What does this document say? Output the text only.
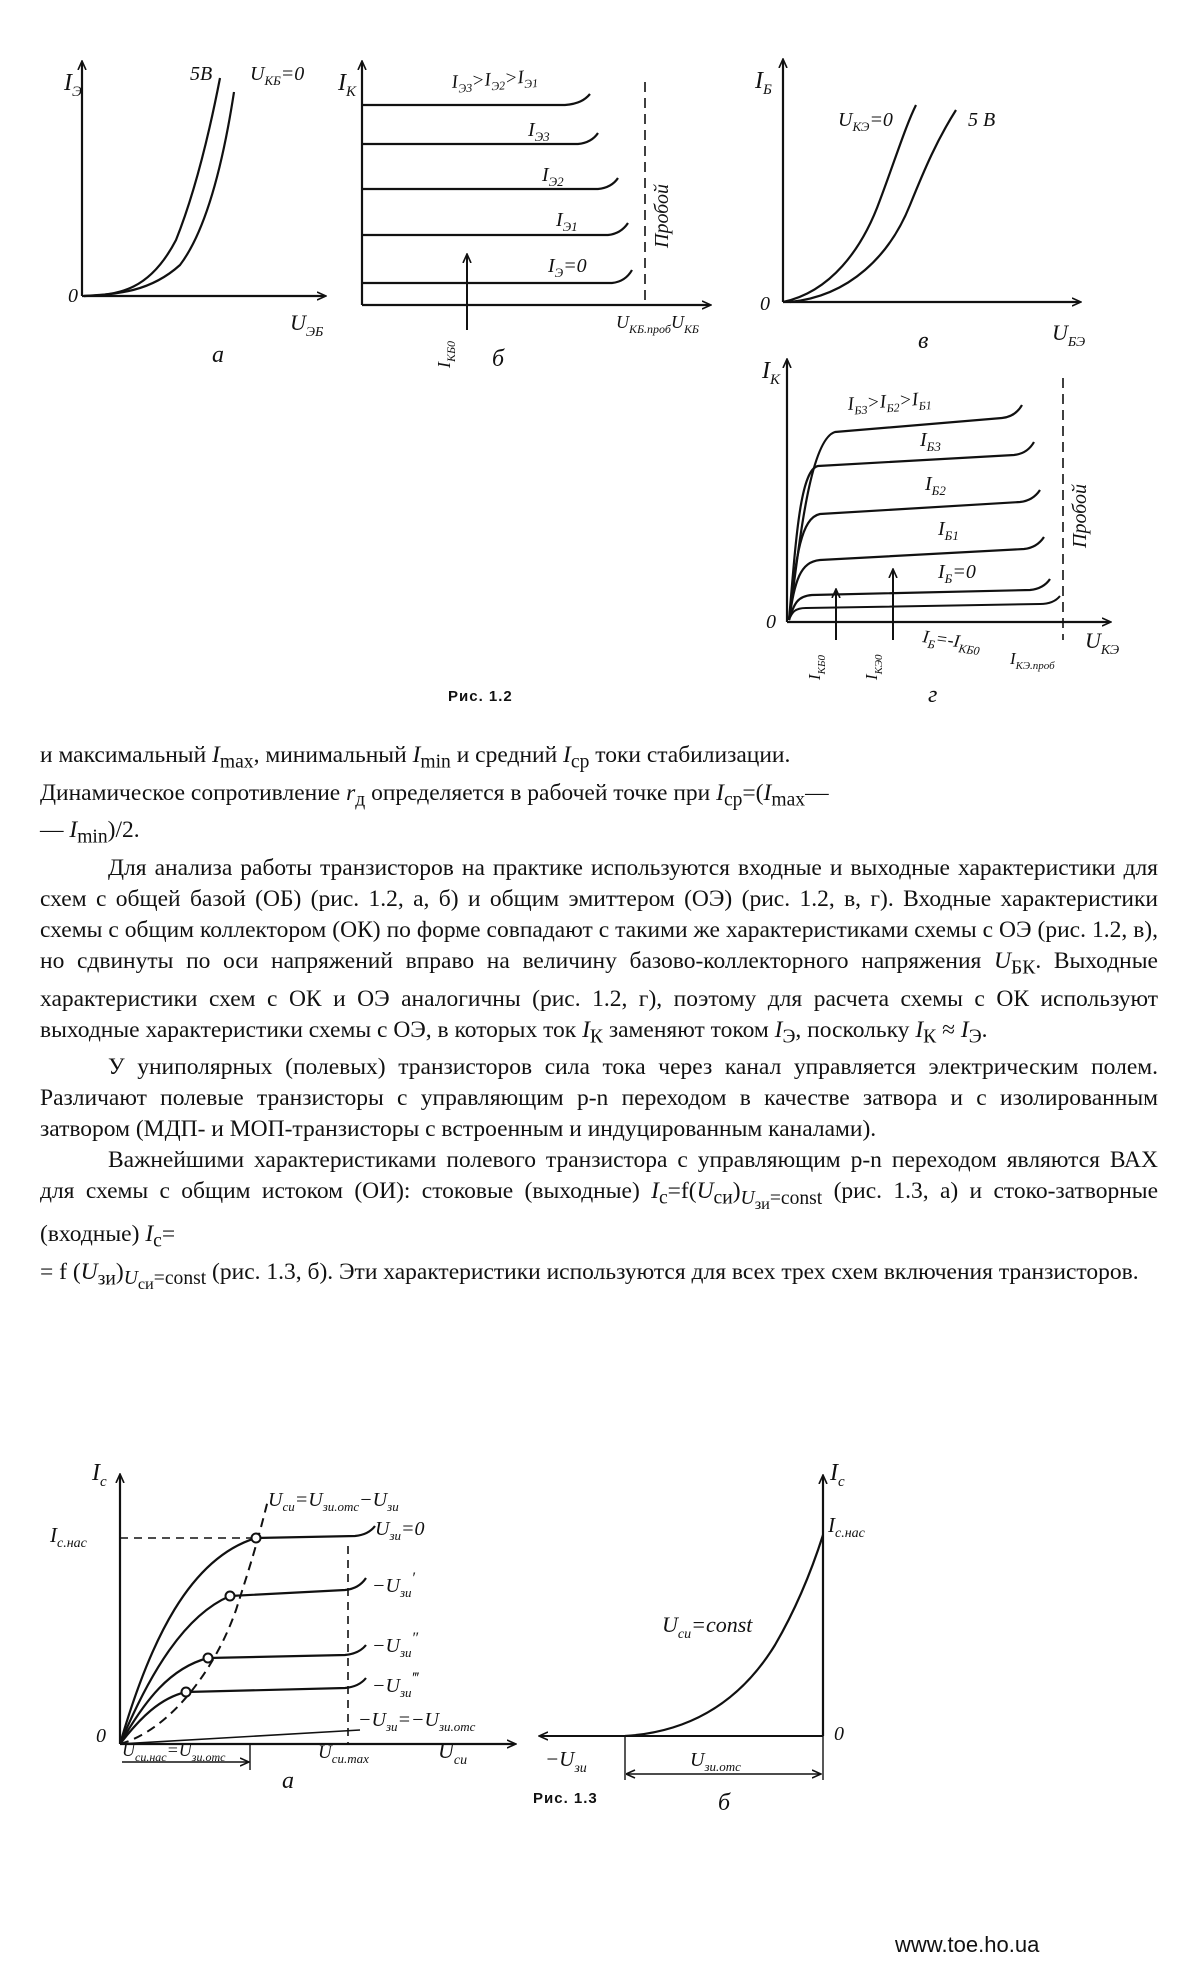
$I_Э$
5В $U_{КБ}=0$
0
$U_{ЭБ}$
а
$I_К$	$I_{Э3}>I_{Э2}>I_{Э1}$
$I_{Э3}$
$I_{Э2}$
$I_{Э1}$
$I_Э=0$
Пробой
$I_{КБ0}$
$U_{КБ.проб}U_{КБ}$
б
$I_Б$
$U_{КЭ}=0$	5 В
0
в	$U_{БЭ}$
$I_К$
$I_{Б3}>I_{Б2}>I_{Б1}$
$I_{Б3}$
$I_{Б2}$
$I_{Б1}$
$I_Б=0$
Пробой
0
$I_{КБ0}$
$I_{КЭ0}$
$I_Б=-I_{КБ0}$ $I_{КЭ.проб}$
$U_{КЭ}$
г
Рис. 1.2

и максимальный $I_{max}$, минимальный $I_{min}$ и средний $I_{ср}$ токи стабилизации.
Динамическое сопротивление $r_д$ определяется в рабочей точке при $I_{ср}=(I_{max}—$
— $I_{min})/2$.

Для анализа работы транзисторов на практике используются входные и выходные характеристики для схем с общей базой (ОБ) (рис. 1.2, а, б) и общим эмиттером (ОЭ) (рис. 1.2, в, г). Входные характеристики схемы с общим коллектором (ОК) по форме совпадают с такими же характеристиками схемы с ОЭ (рис. 1.2, в), но сдвинуты по оси напряжений вправо на величину базово-коллекторного напряжения $U_{БК}$. Выходные характеристики схем с ОК и ОЭ аналогичны (рис. 1.2, г), поэтому для расчета схемы с ОК используют выходные характеристики схемы с ОЭ, в которых ток $I_К$ заменяют током $I_Э$, поскольку $I_К \approx I_Э$.

У униполярных (полевых) транзисторов сила тока через канал управляется электрическим полем. Различают полевые транзисторы с управляющим p-n переходом в качестве затвора и с изолированным затвором (МДП- и МОП-транзисторы с встроенным и индуцированным каналами).

Важнейшими характеристиками полевого транзистора с управляющим p-n переходом являются ВАХ для схемы с общим истоком (ОИ): стоковые (выходные) $I_с=f(U_{си})_{U_{зи}=const}$ (рис. 1.3, а) и стоко-затворные (входные) $I_с=$
= f $(U_{зи})_{U_{си}=const}$ (рис. 1.3, б). Эти характеристики используются для всех трех схем включения транзисторов.

$I_с$
$I_{с.нас}$
$U_{си}=U_{зи.отс}-U_{зи}$
$U_{зи}=0$
$-U_{зи}'$
$-U_{зи}''$
$-U_{зи}^‴$
$-U_{зи}=-U_{зи.отс}$
0
$U_{си.нас}=U_{зи.отс}$	$U_{си.max}$	$U_{си}$
а
$I_с$
$I_{с.нас}$
$U_{си}=const$
0
$-U_{зи}$	$U_{зи.отс}$
б
Рис. 1.3
www.toe.ho.ua
